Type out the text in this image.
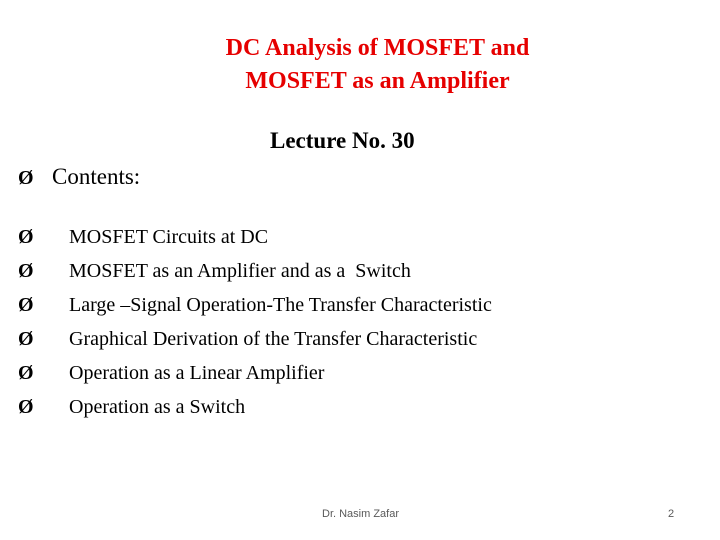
DC Analysis of MOSFET and
MOSFET as an Amplifier
Lecture No. 30
Ø Contents:
Ø	MOSFET Circuits at DC
Ø	MOSFET as an Amplifier and as a  Switch
Ø	Large –Signal Operation-The Transfer Characteristic
Ø	Graphical Derivation of the Transfer Characteristic
Ø	Operation as a Linear Amplifier
Ø	Operation as a Switch
Dr. Nasim Zafar	2
